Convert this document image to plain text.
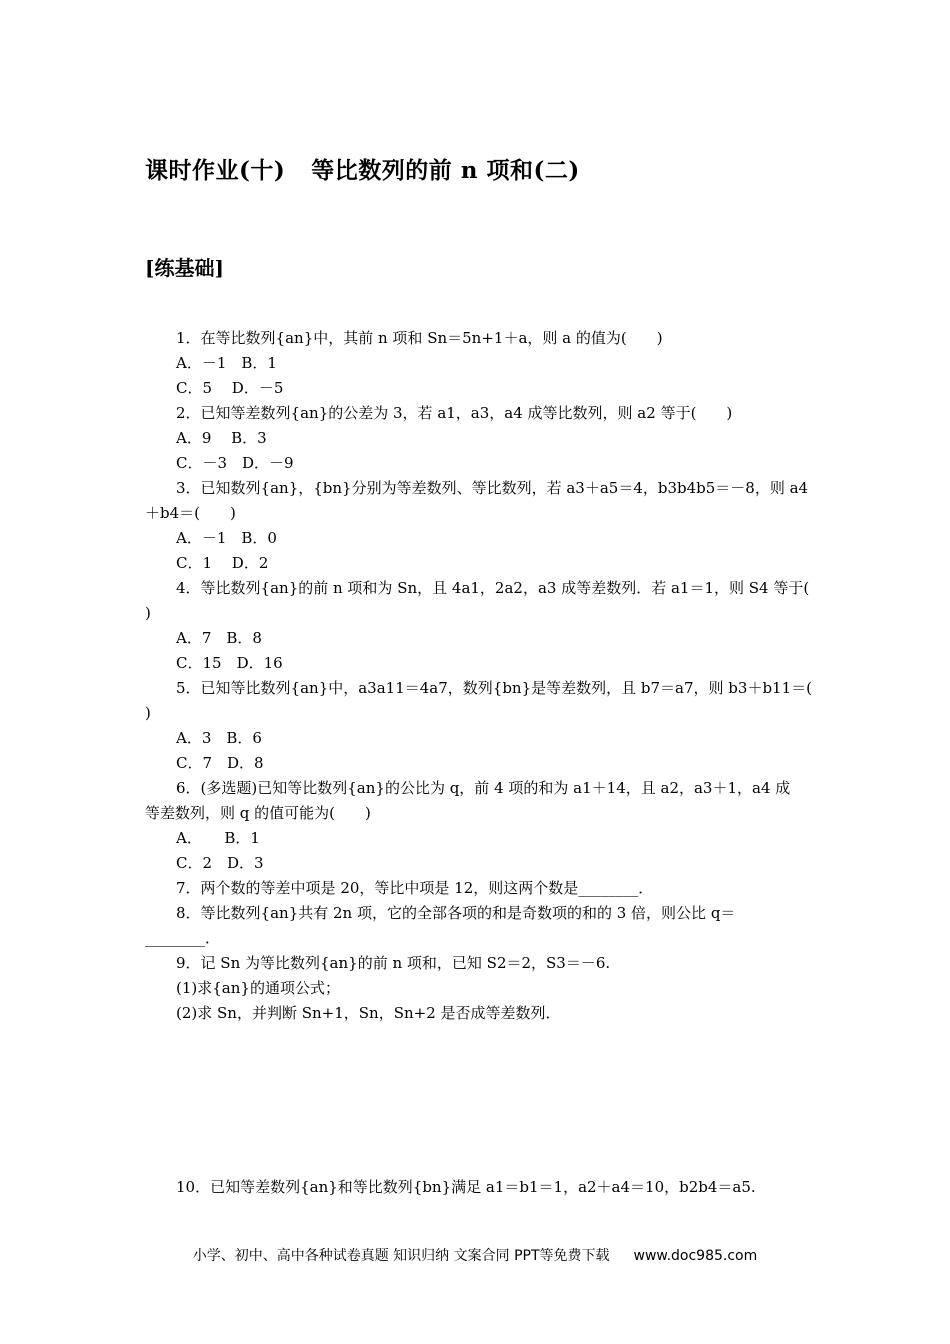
课时作业(十) 等比数列的前 n 项和(二)
[练基础]
1．在等比数列{an}中，其前 n 项和 Sn＝5n+1＋a，则 a 的值为(　　)
A．－1　B．1
C．5　 D．－5
2．已知等差数列{an}的公差为 3，若 a1，a3，a4 成等比数列，则 a2 等于(　　)
A．9　 B．3
C．－3　D．－9
3．已知数列{an}，{bn}分别为等差数列、等比数列，若 a3＋a5＝4，b3b4b5＝－8，则 a4
＋b4＝(　　)
A．－1　B．0
C．1　 D．2
4．等比数列{an}的前 n 项和为 Sn，且 4a1，2a2，a3 成等差数列．若 a1＝1，则 S4 等于(
)
A．7　B．8
C．15　D．16
5．已知等比数列{an}中，a3a11＝4a7，数列{bn}是等差数列，且 b7＝a7，则 b3＋b11＝(
)
A．3　B．6
C．7　D．8
6．(多选题)已知等比数列{an}的公比为 q，前 4 项的和为 a1＋14，且 a2，a3＋1，a4 成
等差数列，则 q 的值可能为(　　)
A．　　B．1
C．2　D．3
7．两个数的等差中项是 20，等比中项是 12，则这两个数是________．
8．等比数列{an}共有 2n 项，它的全部各项的和是奇数项的和的 3 倍，则公比 q＝
________．
9．记 Sn 为等比数列{an}的前 n 项和，已知 S2＝2，S3＝－6.
(1)求{an}的通项公式；
(2)求 Sn，并判断 Sn+1，Sn，Sn+2 是否成等差数列．
10．已知等差数列{an}和等比数列{bn}满足 a1＝b1＝1，a2＋a4＝10，b2b4＝a5.
小学、初中、高中各种试卷真题 知识归纳 文案合同 PPT等免费下载 www.doc985.com
